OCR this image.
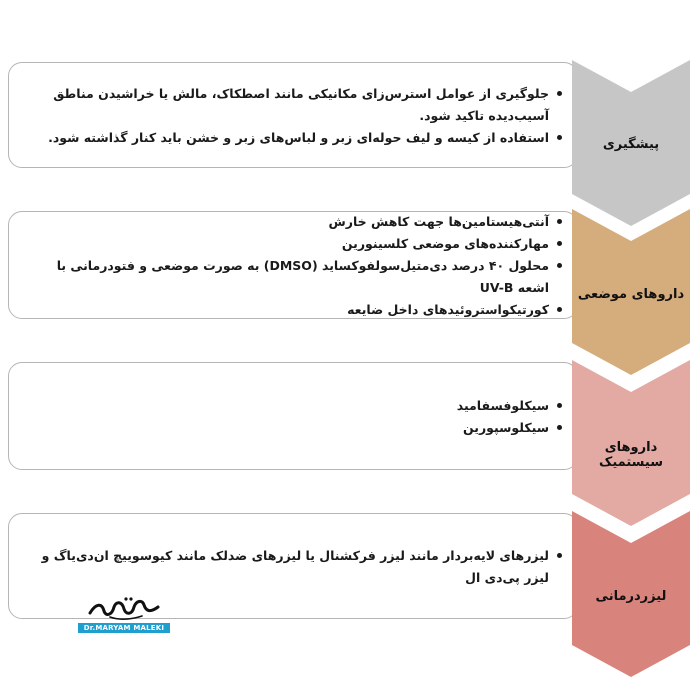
جلوگیری از عوامل استرس‌زای مکانیکی مانند اصطکاک، مالش یا خراشیدن مناطق آسیب‌دیده تاکید شود.
استفاده از کیسه و لیف حوله‌ای زبر و لباس‌های زبر و خشن باید کنار گذاشته شود.	پیشگیری
آنتی‌هیستامین‌ها جهت کاهش خارش
مهارکننده‌های موضعی کلسینورین
محلول ۴۰ درصد دی‌متیل‌سولفوکساید (DMSO) به صورت موضعی و فتودرمانی با اشعه UV-B
کورتیکواستروئیدهای داخل ضایعه
داروهای موضعی
سیکلوفسفامید
سیکلوسپورین
داروهای سیستمیک
لیزرهای لایه‌بردار مانند لیزر فرکشنال یا لیزرهای ضدلک مانند کیوسوییچ ان‌دی‌یاگ و لیزر پی‌دی ال
لیزردرمانی
Dr.MARYAM MALEKI
